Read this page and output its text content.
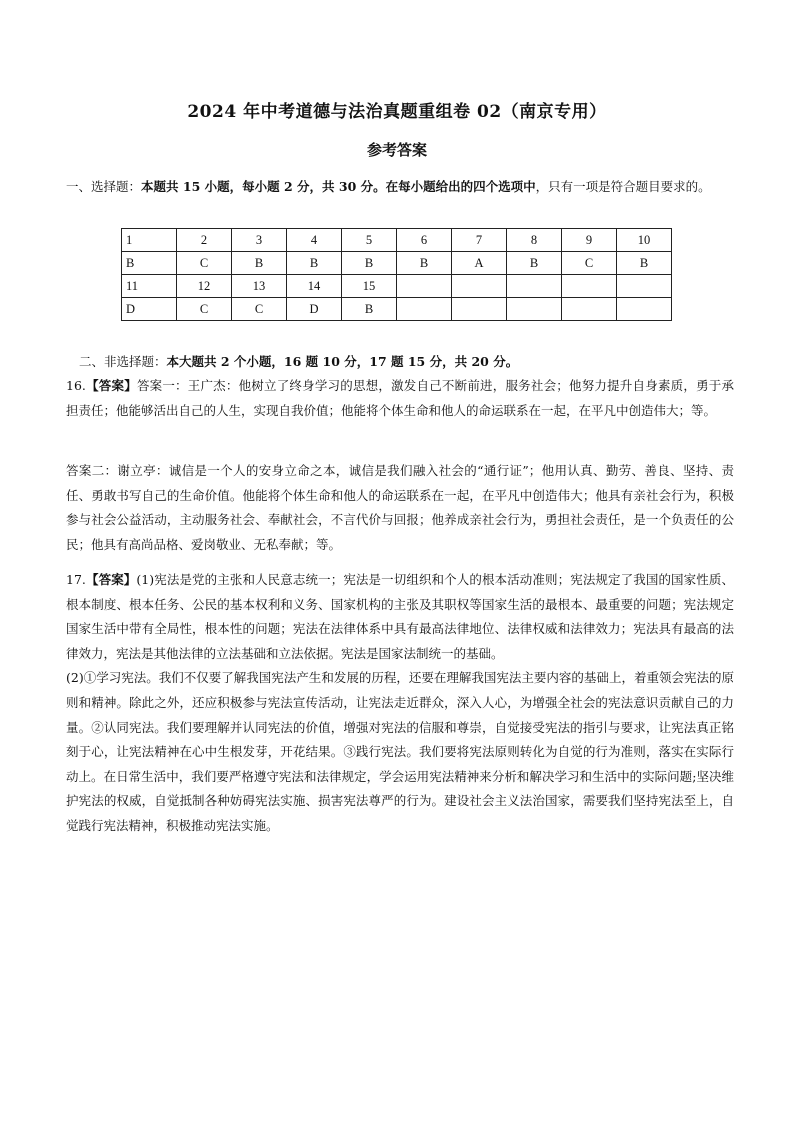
2024 年中考道德与法治真题重组卷 02（南京专用）
参考答案
一、选择题：本题共 15 小题，每小题 2 分，共 30 分。在每小题给出的四个选项中，只有一项是符合题目要求的。
1	2	3	4	5	6	7	8	9	10
B	C	B	B	B	B	A	B	C	B
11	12	13	14	15					
D	C	C	D	B					
二、非选择题：本大题共 2 个小题，16 题 10 分，17 题 15 分，共 20 分。
16.【答案】答案一：王广杰：他树立了终身学习的思想，激发自己不断前进，服务社会；他努力提升自身素质，勇于承担责任；他能够活出自己的人生，实现自我价值；他能将个体生命和他人的命运联系在一起，在平凡中创造伟大；等。
答案二：谢立亭：诚信是一个人的安身立命之本，诚信是我们融入社会的“通行证”；他用认真、勤劳、善良、坚持、责任、勇敢书写自己的生命价值。他能将个体生命和他人的命运联系在一起，在平凡中创造伟大；他具有亲社会行为，积极参与社会公益活动，主动服务社会、奉献社会，不言代价与回报；他养成亲社会行为，勇担社会责任，是一个负责任的公民；他具有高尚品格、爱岗敬业、无私奉献；等。
17.【答案】(1)宪法是党的主张和人民意志统一；宪法是一切组织和个人的根本活动准则；宪法规定了我国的国家性质、根本制度、根本任务、公民的基本权利和义务、国家机构的主张及其职权等国家生活的最根本、最重要的问题；宪法规定国家生活中带有全局性，根本性的问题；宪法在法律体系中具有最高法律地位、法律权威和法律效力；宪法具有最高的法律效力，宪法是其他法律的立法基础和立法依据。宪法是国家法制统一的基础。
(2)①学习宪法。我们不仅要了解我国宪法产生和发展的历程，还要在理解我国宪法主要内容的基础上，着重领会宪法的原则和精神。除此之外，还应积极参与宪法宣传活动，让宪法走近群众，深入人心，为增强全社会的宪法意识贡献自己的力量。②认同宪法。我们要理解并认同宪法的价值，增强对宪法的信服和尊崇，自觉接受宪法的指引与要求，让宪法真正铭刻于心，让宪法精神在心中生根发芽，开花结果。③践行宪法。我们要将宪法原则转化为自觉的行为准则，落实在实际行动上。在日常生活中，我们要严格遵守宪法和法律规定，学会运用宪法精神来分析和解决学习和生活中的实际问题;坚决维护宪法的权威，自觉抵制各种妨碍宪法实施、损害宪法尊严的行为。建设社会主义法治国家，需要我们坚持宪法至上，自觉践行宪法精神，积极推动宪法实施。
